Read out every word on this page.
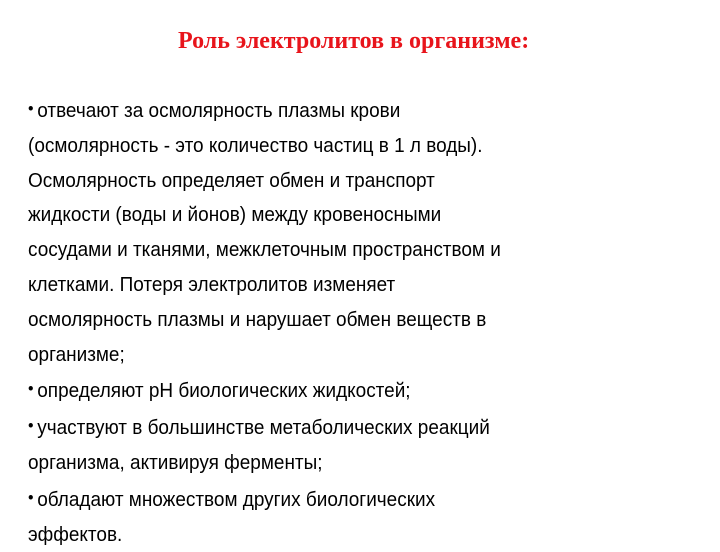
Роль электролитов в организме:
• отвечают за осмолярность плазмы крови
(осмолярность - это количество частиц в 1 л воды).
Осмолярность определяет обмен и транспорт
жидкости (воды и йонов) между кровеносными
сосудами и тканями, межклеточным пространством и
клетками. Потеря электролитов изменяет
осмолярность плазмы и нарушает обмен веществ в
организме;
• определяют рН биологических жидкостей;
• участвуют в большинстве метаболических реакций
организма, активируя ферменты;
• обладают множеством других биологических
эффектов.
